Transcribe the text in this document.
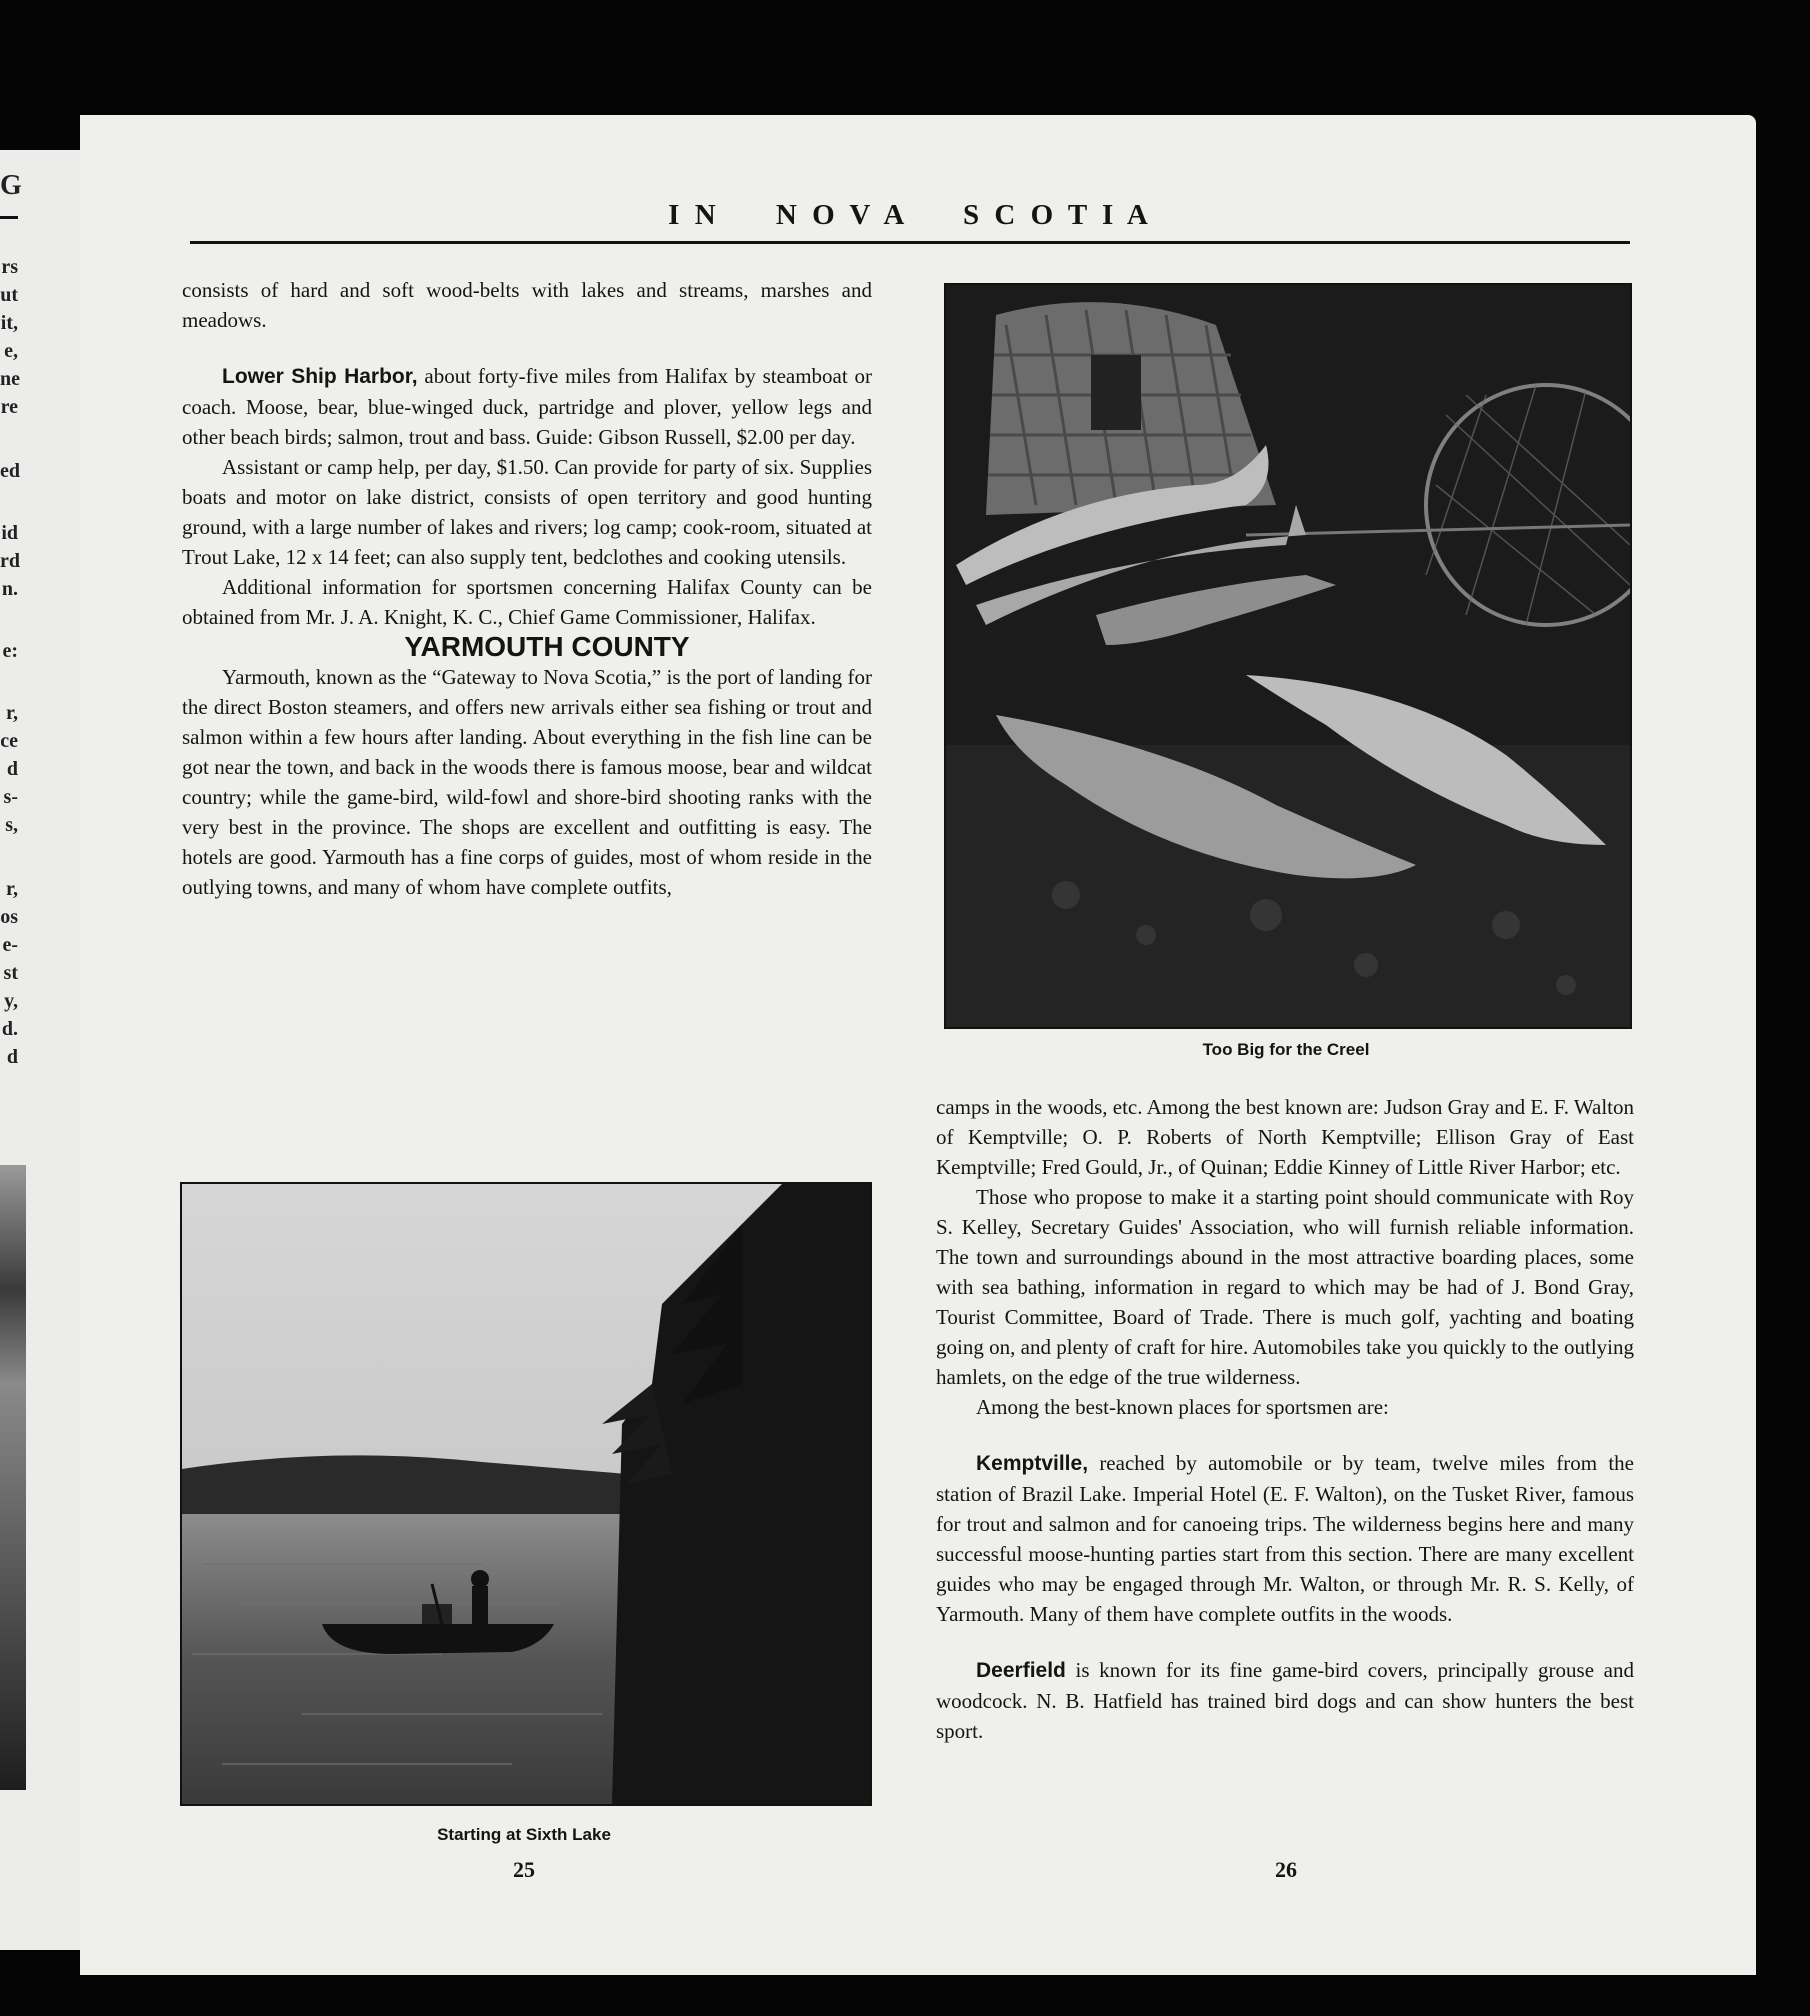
G
rs
ut
it,
e,
ne
re
ed
id
rd
n.
e:
r,
ce
d
s-
s,
r,
os
e-
st
y,
d.
d
I N     N O V A     S C O T I A

consists of hard and soft wood-belts with lakes and streams, marshes and meadows.

Lower Ship Harbor, about forty-five miles from Halifax by steamboat or coach. Moose, bear, blue-winged duck, partridge and plover, yellow legs and other beach birds; salmon, trout and bass. Guide: Gibson Russell, $2.00 per day.

Assistant or camp help, per day, $1.50. Can provide for party of six. Supplies boats and motor on lake district, consists of open territory and good hunting ground, with a large number of lakes and rivers; log camp; cook-room, situated at Trout Lake, 12 x 14 feet; can also supply tent, bedclothes and cooking utensils.

Additional information for sportsmen concerning Halifax County can be obtained from Mr. J. A. Knight, K. C., Chief Game Commissioner, Halifax.

YARMOUTH COUNTY

Yarmouth, known as the “Gateway to Nova Scotia,” is the port of landing for the direct Boston steamers, and offers new arrivals either sea fishing or trout and salmon within a few hours after landing. About everything in the fish line can be got near the town, and back in the woods there is famous moose, bear and wildcat country; while the game-bird, wild-fowl and shore-bird shooting ranks with the very best in the province. The shops are excellent and outfitting is easy. The hotels are good. Yarmouth has a fine corps of guides, most of whom reside in the outlying towns, and many of whom have complete outfits,

Starting at Sixth Lake
25
Too Big for the Creel

camps in the woods, etc. Among the best known are: Judson Gray and E. F. Walton of Kemptville; O. P. Roberts of North Kemptville; Ellison Gray of East Kemptville; Fred Gould, Jr., of Quinan; Eddie Kinney of Little River Harbor; etc.

Those who propose to make it a starting point should communicate with Roy S. Kelley, Secretary Guides' Association, who will furnish reliable information. The town and surroundings abound in the most attractive boarding places, some with sea bathing, information in regard to which may be had of J. Bond Gray, Tourist Committee, Board of Trade. There is much golf, yachting and boating going on, and plenty of craft for hire. Automobiles take you quickly to the outlying hamlets, on the edge of the true wilderness.

Among the best-known places for sportsmen are:

Kemptville, reached by automobile or by team, twelve miles from the station of Brazil Lake. Imperial Hotel (E. F. Walton), on the Tusket River, famous for trout and salmon and for canoeing trips. The wilderness begins here and many successful moose-hunting parties start from this section. There are many excellent guides who may be engaged through Mr. Walton, or through Mr. R. S. Kelly, of Yarmouth. Many of them have complete outfits in the woods.

Deerfield is known for its fine game-bird covers, principally grouse and woodcock. N. B. Hatfield has trained bird dogs and can show hunters the best sport.

26
